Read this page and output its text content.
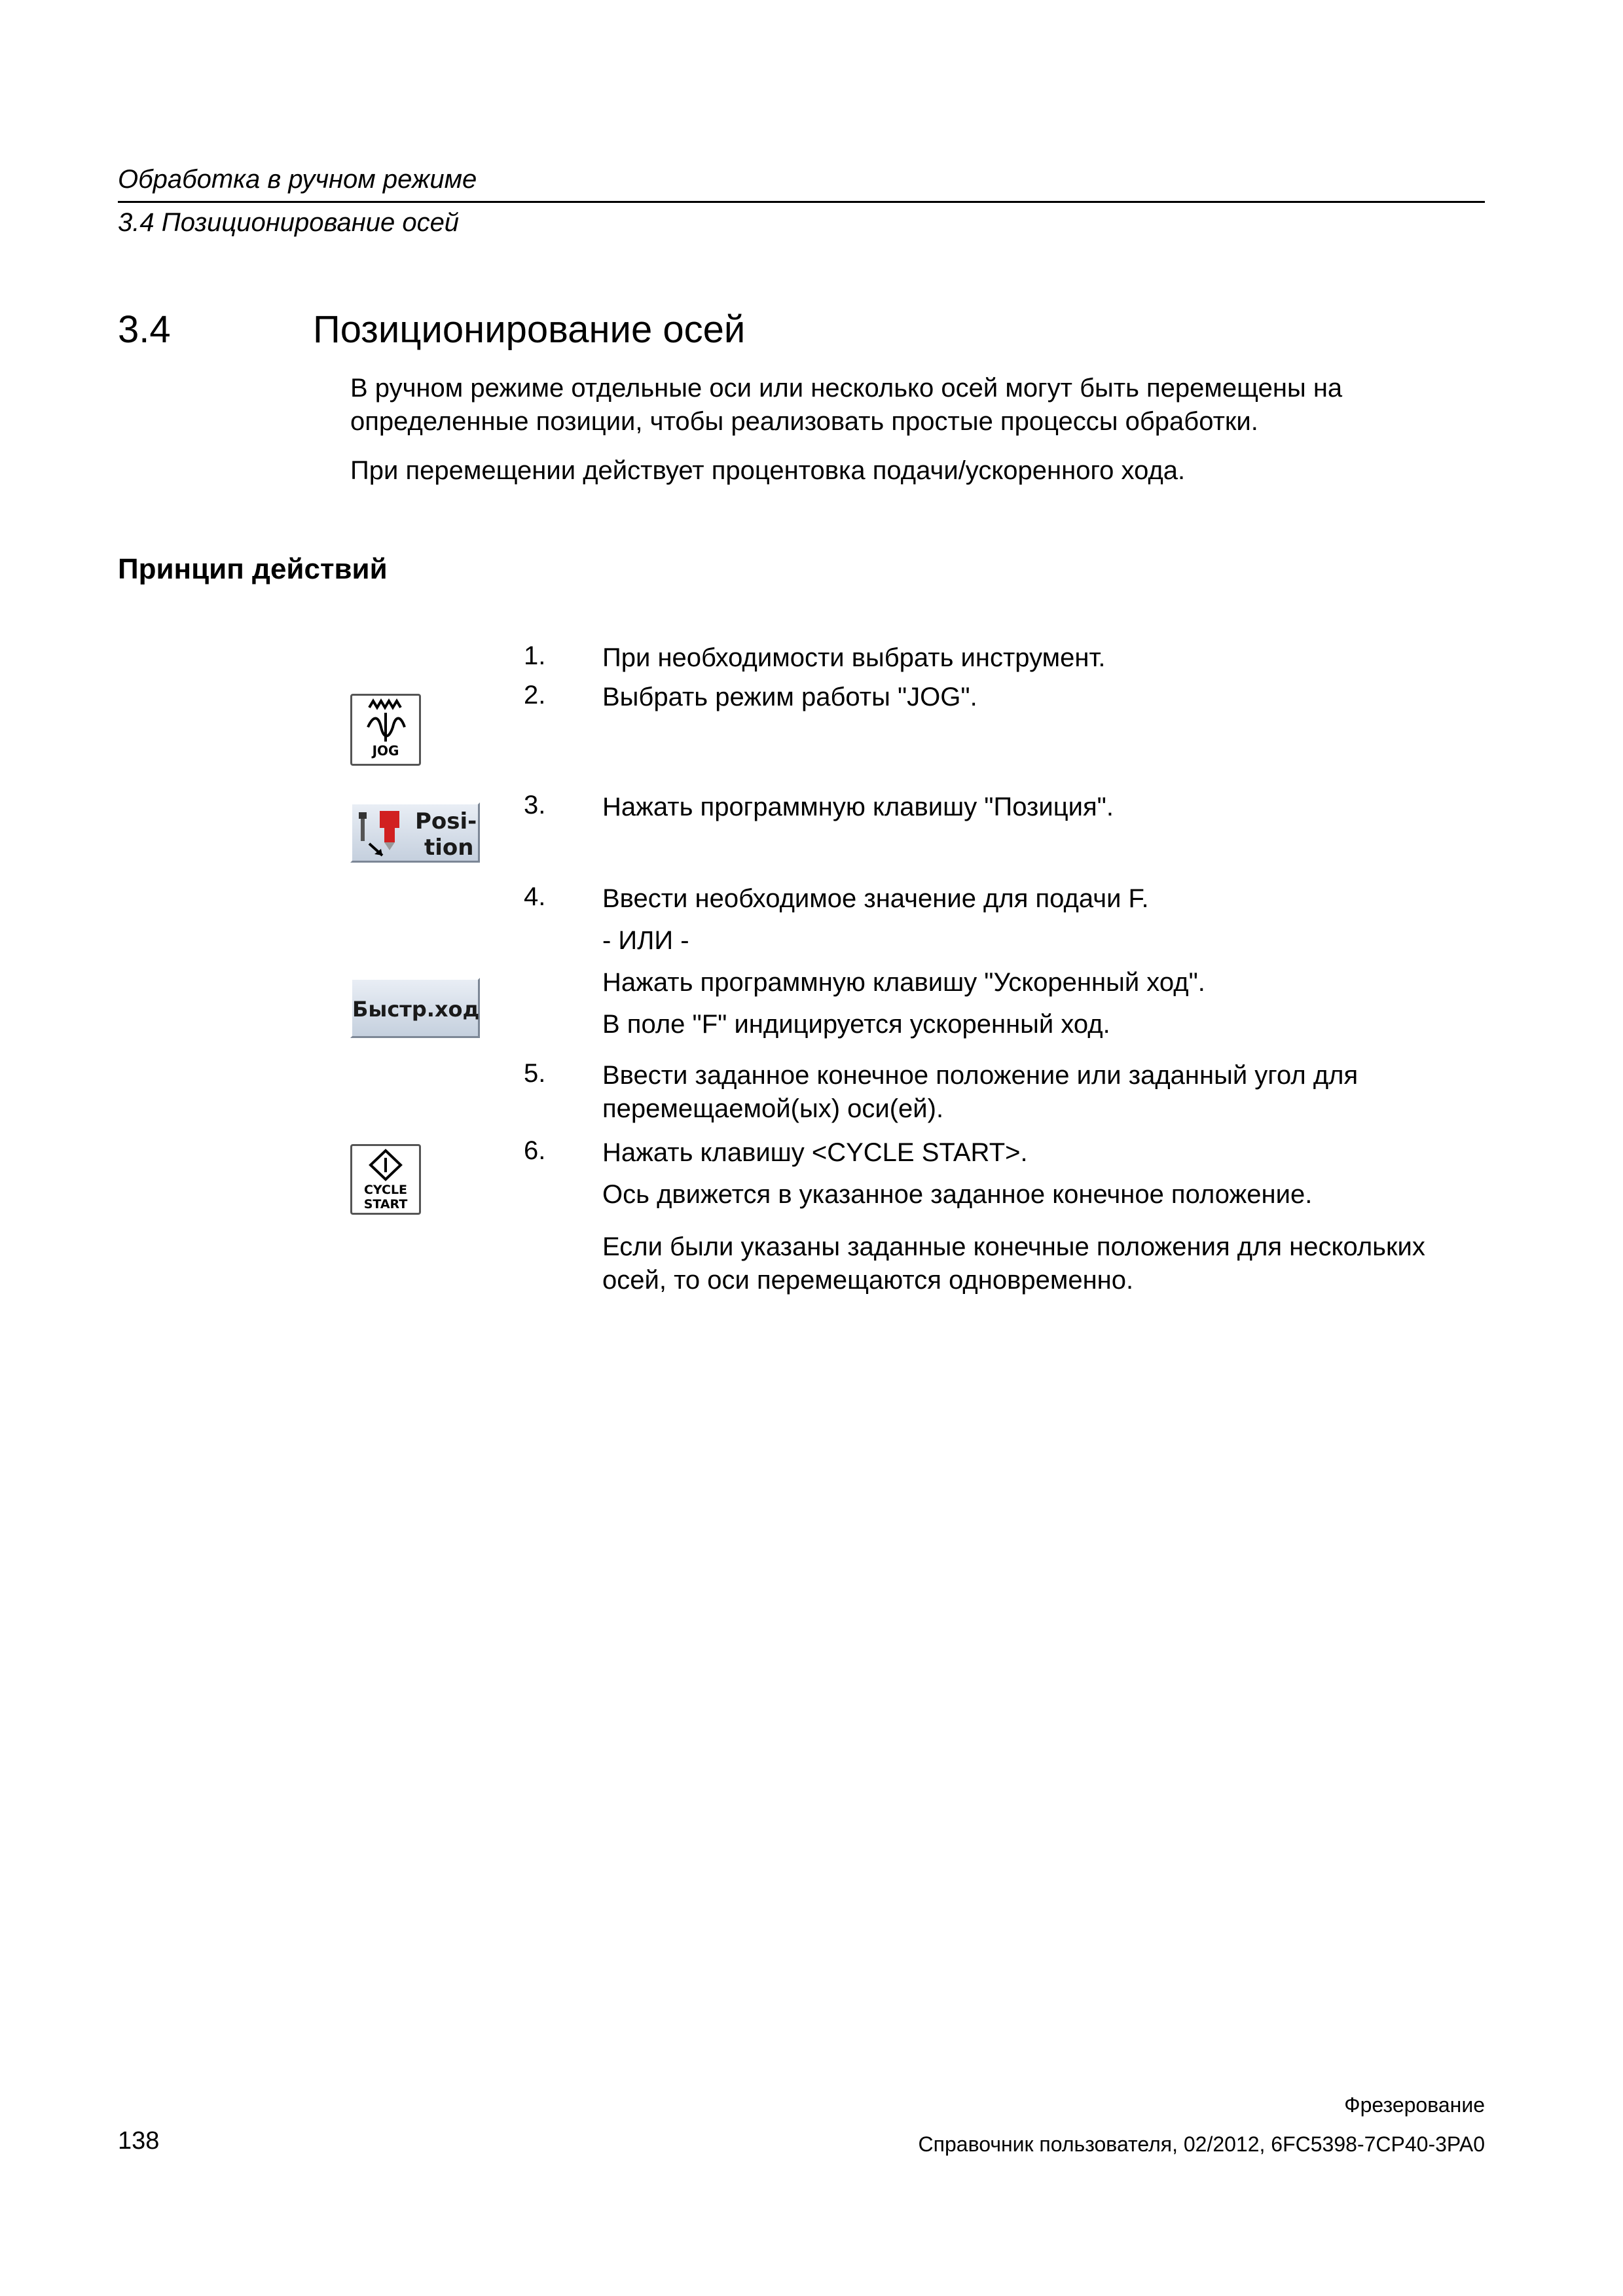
Обработка в ручном режиме
3.4 Позиционирование осей
3.4	Позиционирование осей
В ручном режиме отдельные оси или несколько осей могут быть перемещены на определенные позиции, чтобы реализовать простые процессы обработки.
При перемещении действует процентовка подачи/ускоренного хода.
Принцип действий
1.	При необходимости выбрать инструмент.
2.	Выбрать режим работы "JOG".
3.	Нажать программную клавишу "Позиция".
4.	Ввести необходимое значение для подачи F.
- ИЛИ -
Нажать программную клавишу "Ускоренный ход".
В поле "F" индицируется ускоренный ход.
5.	Ввести заданное конечное положение или заданный угол для перемещаемой(ых) оси(ей).
6.	Нажать клавишу <CYCLE START>.
Ось движется в указанное заданное конечное положение.
Если были указаны заданные конечные положения для нескольких осей, то оси перемещаются одновременно.
JOG
Posi-
tion
Быстр.ход
CYCLE
START
Фрезерование
138	Справочник пользователя, 02/2012, 6FC5398-7CP40-3PA0
